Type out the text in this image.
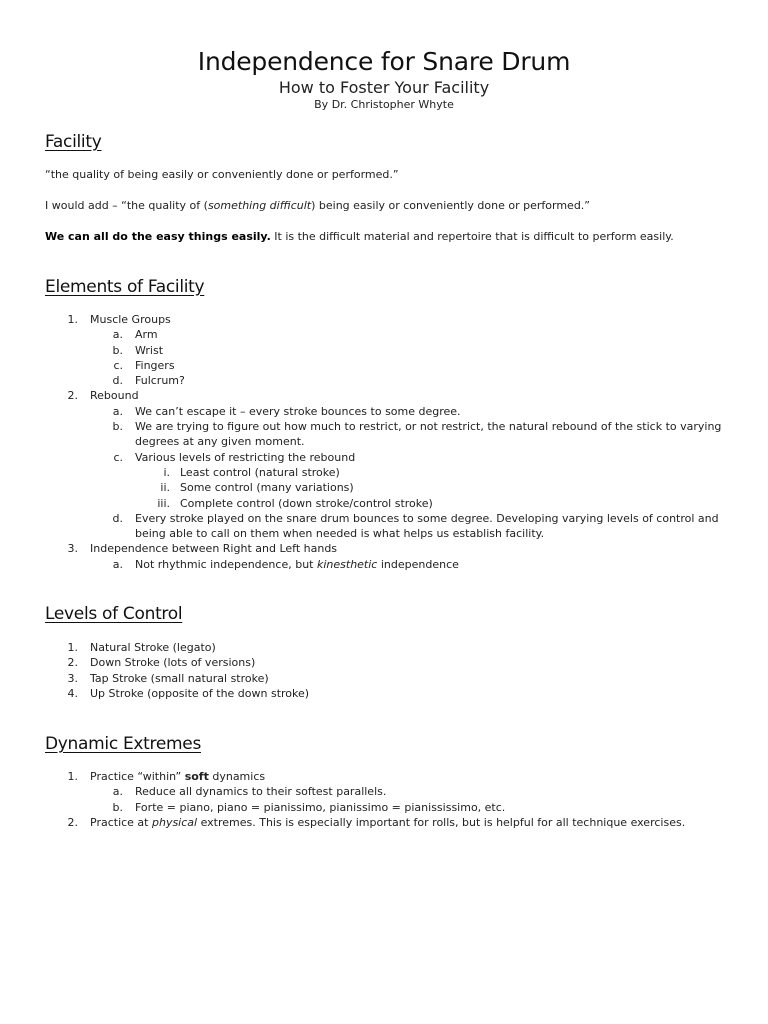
Independence for Snare Drum

How to Foster Your Facility

By Dr. Christopher Whyte

Facility

“the quality of being easily or conveniently done or performed.”

I would add – “the quality of (something difficult) being easily or conveniently done or performed.”

We can all do the easy things easily. It is the difficult material and repertoire that is difficult to perform easily.

Elements of Facility
1. Muscle Groups
a. Arm
b. Wrist
c. Fingers
d. Fulcrum?
2. Rebound
a. We can’t escape it – every stroke bounces to some degree.
b. We are trying to figure out how much to restrict, or not restrict, the natural rebound of the stick to varying degrees at any given moment.
c. Various levels of restricting the rebound
i. Least control (natural stroke)
ii. Some control (many variations)
iii. Complete control (down stroke/control stroke)
d. Every stroke played on the snare drum bounces to some degree. Developing varying levels of control and being able to call on them when needed is what helps us establish facility.
3. Independence between Right and Left hands
a. Not rhythmic independence, but kinesthetic independence
Levels of Control
1. Natural Stroke (legato)
2. Down Stroke (lots of versions)
3. Tap Stroke (small natural stroke)
4. Up Stroke (opposite of the down stroke)
Dynamic Extremes
1. Practice “within” soft dynamics
a. Reduce all dynamics to their softest parallels.
b. Forte = piano, piano = pianissimo, pianissimo = pianississimo, etc.
2. Practice at physical extremes. This is especially important for rolls, but is helpful for all technique exercises.
